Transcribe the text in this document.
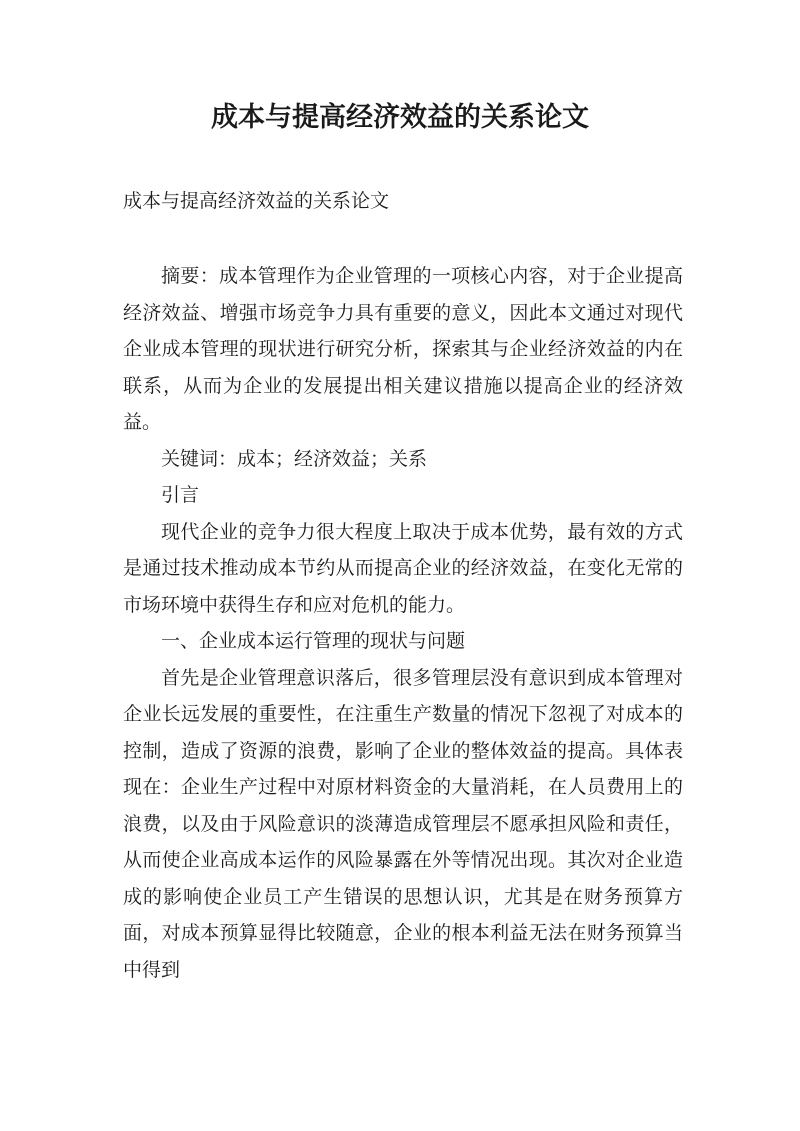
成本与提高经济效益的关系论文

成本与提高经济效益的关系论文

摘要：成本管理作为企业管理的一项核心内容，对于企业提高经济效益、增强市场竞争力具有重要的意义，因此本文通过对现代企业成本管理的现状进行研究分析，探索其与企业经济效益的内在联系，从而为企业的发展提出相关建议措施以提高企业的经济效益。

关键词：成本；经济效益；关系

引言

现代企业的竞争力很大程度上取决于成本优势，最有效的方式是通过技术推动成本节约从而提高企业的经济效益，在变化无常的市场环境中获得生存和应对危机的能力。

一、企业成本运行管理的现状与问题

首先是企业管理意识落后，很多管理层没有意识到成本管理对企业长远发展的重要性，在注重生产数量的情况下忽视了对成本的控制，造成了资源的浪费，影响了企业的整体效益的提高。具体表现在：企业生产过程中对原材料资金的大量消耗，在人员费用上的浪费，以及由于风险意识的淡薄造成管理层不愿承担风险和责任，从而使企业高成本运作的风险暴露在外等情况出现。其次对企业造成的影响使企业员工产生错误的思想认识，尤其是在财务预算方面，对成本预算显得比较随意，企业的根本利益无法在财务预算当中得到
